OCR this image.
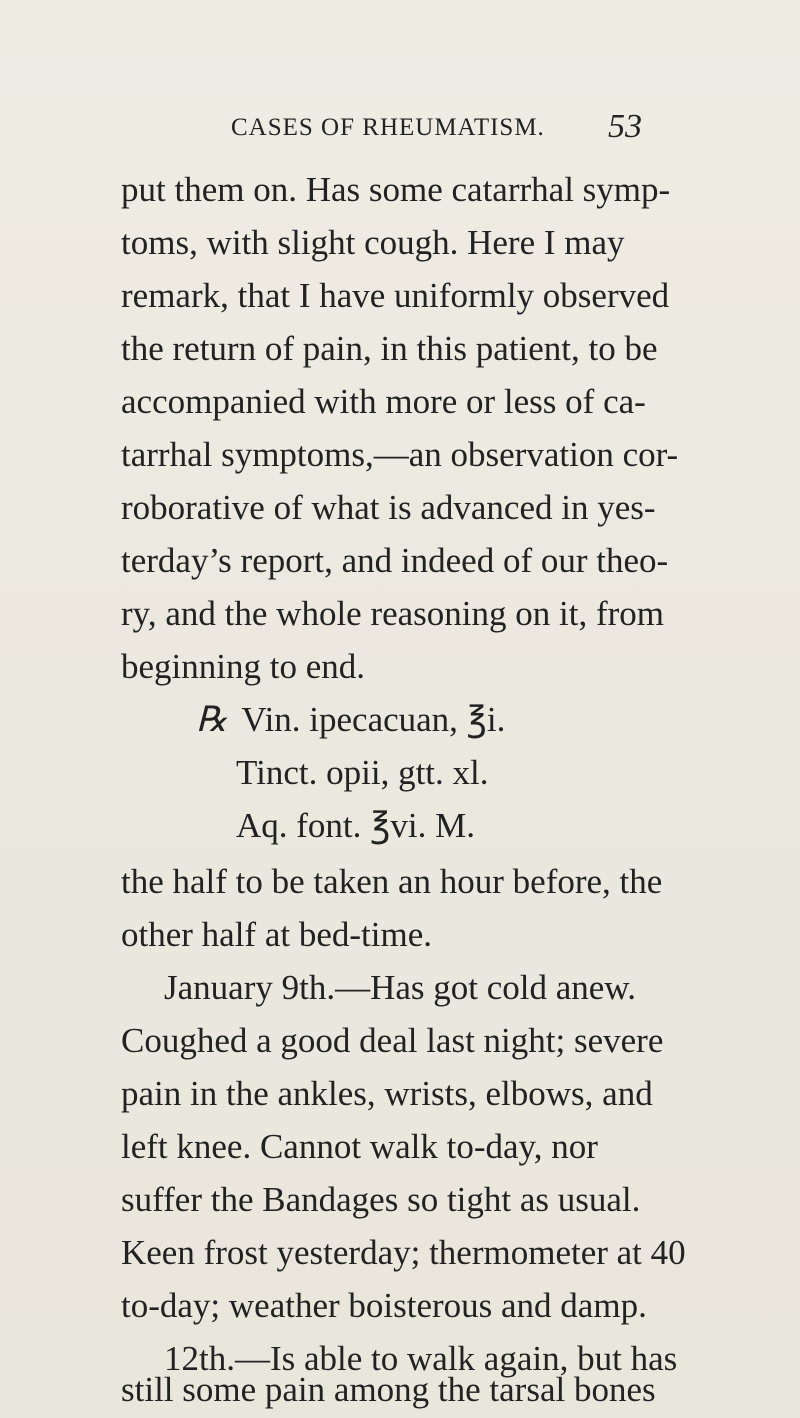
CASES OF RHEUMATISM. 53
put them on. Has some catarrhal symp-
toms, with slight cough. Here I may
remark, that I have uniformly observed
the return of pain, in this patient, to be
accompanied with more or less of ca-
tarrhal symptoms,—an observation cor-
roborative of what is advanced in yes-
terday’s report, and indeed of our theo-
ry, and the whole reasoning on it, from
beginning to end.
℞ Vin. ipecacuan, ℥i.
Tinct. opii, gtt. xl.
Aq. font. ℥vi. M.
the half to be taken an hour before, the
other half at bed-time.
January 9th.—Has got cold anew.
Coughed a good deal last night; severe
pain in the ankles, wrists, elbows, and
left knee. Cannot walk to-day, nor
suffer the Bandages so tight as usual.
Keen frost yesterday; thermometer at 40
to-day; weather boisterous and damp.
12th.—Is able to walk again, but has
still some pain among the tarsal bones
